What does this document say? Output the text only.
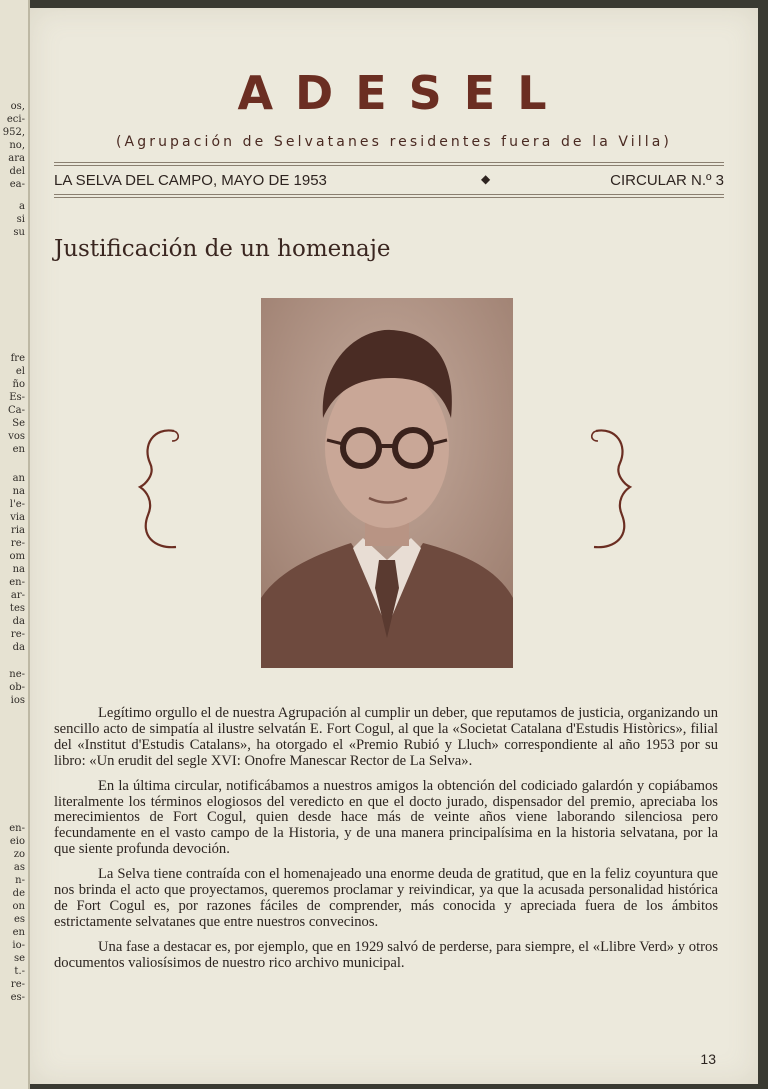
os,
eci-
952,
no,
ara
del
ea-
a
si
su
fre
el
ño
Es-
Ca-
Se
vos
en
an
na
l'e-
via
ria
re-
om
na
en-
ar-
tes
da
re-
da
ne-
ob-
ios
en-
eio
zo
as
n-
de
on
es
en
io-
se
t.-
re-
es-
ADESEL
(Agrupación de Selvatanes residentes fuera de la Villa)
LA SELVA DEL CAMPO, MAYO DE 1953	◆	CIRCULAR N.º 3
Justificación de un homenaje

Legítimo orgullo el de nuestra Agrupación al cumplir un deber, que reputamos de justicia, organizando un sencillo acto de simpatía al ilustre selvatán E. Fort Cogul, al que la «Societat Catalana d'Estudis Històrics», filial del «Institut d'Estudis Catalans», ha otorgado el «Premio Rubió y Lluch» correspondiente al año 1953 por su libro: «Un erudit del segle XVI: Onofre Manescar Rector de La Selva».

En la última circular, notificábamos a nuestros amigos la obtención del codiciado galardón y copiábamos literalmente los términos elogiosos del veredicto en que el docto jurado, dispensador del premio, apreciaba los merecimientos de Fort Cogul, quien desde hace más de veinte años viene laborando silenciosa pero fecundamente en el vasto campo de la Historia, y de una manera principalísima en la historia selvatana, por la que siente profunda devoción.

La Selva tiene contraída con el homenajeado una enorme deuda de gratitud, que en la feliz coyuntura que nos brinda el acto que proyectamos, queremos proclamar y reivindicar, ya que la acusada personalidad histórica de Fort Cogul es, por razones fáciles de comprender, más conocida y apreciada fuera de los ámbitos estrictamente selvatanes que entre nuestros convecinos.

Una fase a destacar es, por ejemplo, que en 1929 salvó de perderse, para siempre, el «Llibre Verd» y otros documentos valiosísimos de nuestro rico archivo municipal.

13
